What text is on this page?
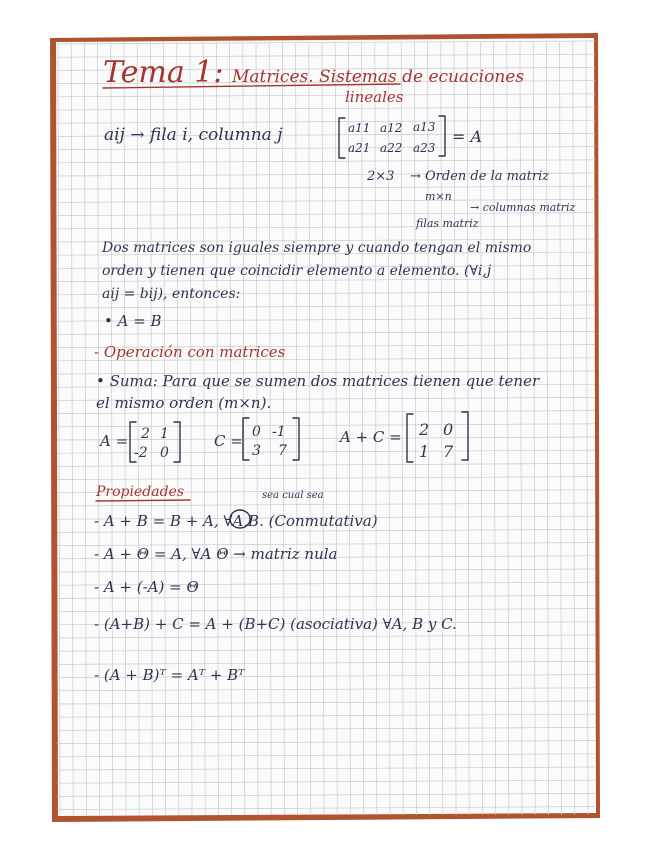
Tema 1: Matrices. Sistemas de ecuaciones
lineales
aij → fila i, columna j	a11 a12 a13
a21 a22 a23
= A
2×3 → Orden de la matriz
m×n
→ columnas matriz
filas matriz
Dos matrices son iguales siempre y cuando tengan el mismo
orden y tienen que coincidir elemento a elemento. (∀i,j
aij = bij), entonces:
• A = B
- Operación con matrices
• Suma: Para que se sumen dos matrices tienen que tener
el mismo orden (m×n).
A = 2 1
-2 0
C = 0 -1
3 7
A + C = 2 0
1 7
Propiedades	sea cual sea
- A + B = B + A, ∀A,B. (Conmutativa)
- A + Θ = A, ∀A Θ → matriz nula
- A + (-A) = Θ
- (A+B) + C = A + (B+C) (asociativa) ∀A, B y C.
- (A + B)ᵀ = Aᵀ + Bᵀ
